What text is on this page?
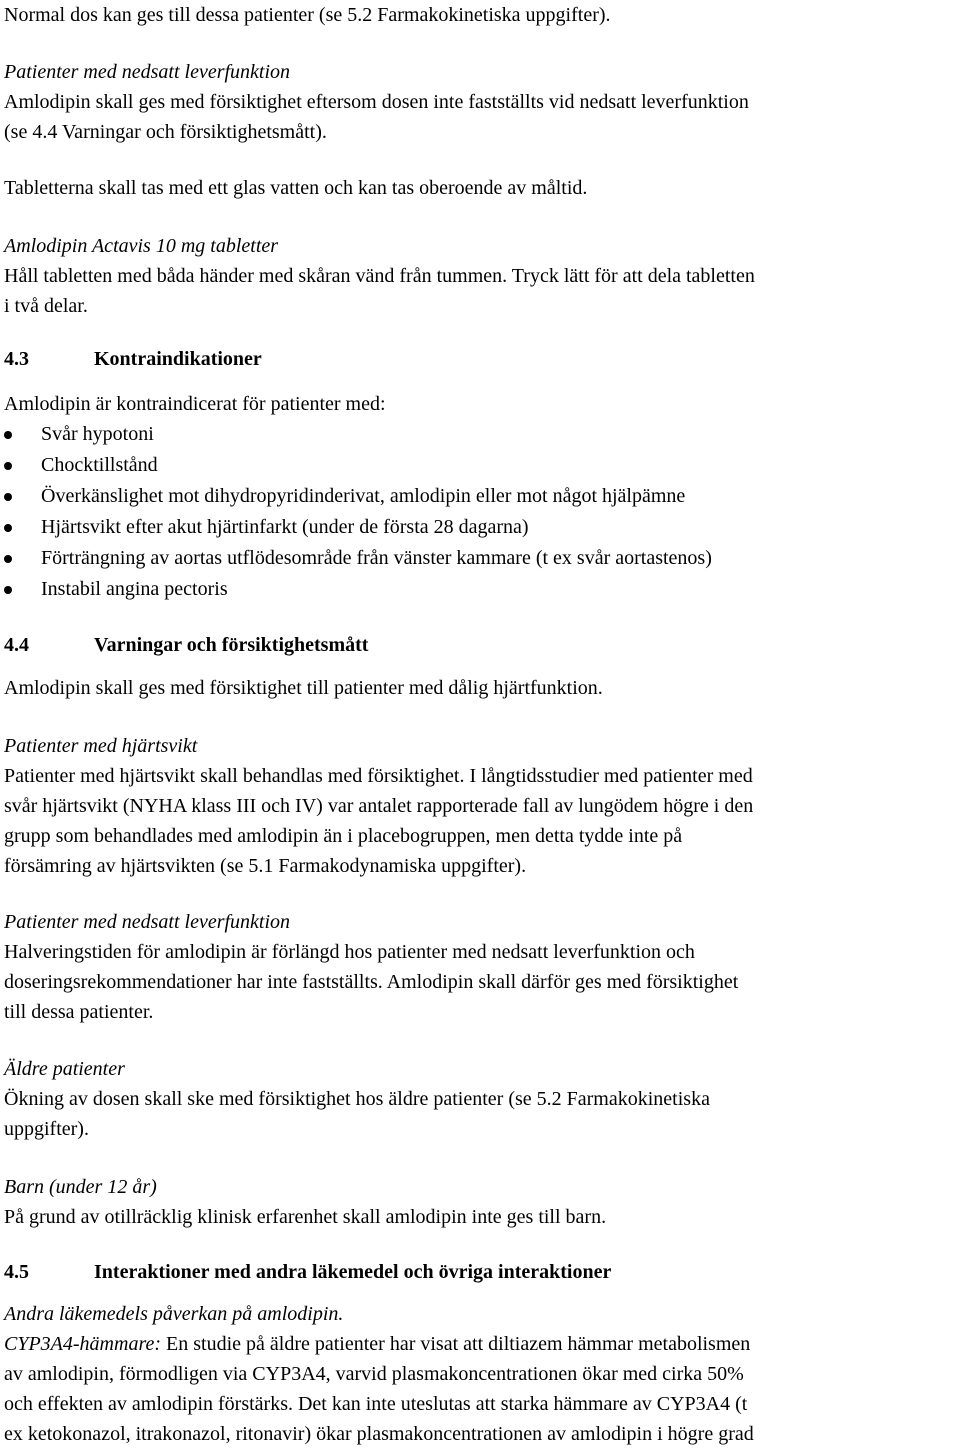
Normal dos kan ges till dessa patienter (se 5.2 Farmakokinetiska uppgifter).
Patienter med nedsatt leverfunktion
Amlodipin skall ges med försiktighet eftersom dosen inte fastställts vid nedsatt leverfunktion
(se 4.4 Varningar och försiktighetsmått).
Tabletterna skall tas med ett glas vatten och kan tas oberoende av måltid.
Amlodipin Actavis 10 mg tabletter
Håll tabletten med båda händer med skåran vänd från tummen. Tryck lätt för att dela tabletten
i två delar.
4.3	Kontraindikationer
Amlodipin är kontraindicerat för patienter med:
Svår hypotoni
Chocktillstånd
Överkänslighet mot dihydropyridinderivat, amlodipin eller mot något hjälpämne
Hjärtsvikt efter akut hjärtinfarkt (under de första 28 dagarna)
Förträngning av aortas utflödesområde från vänster kammare (t ex svår aortastenos)
Instabil angina pectoris
4.4	Varningar och försiktighetsmått
Amlodipin skall ges med försiktighet till patienter med dålig hjärtfunktion.
Patienter med hjärtsvikt
Patienter med hjärtsvikt skall behandlas med försiktighet. I långtidsstudier med patienter med
svår hjärtsvikt (NYHA klass III och IV) var antalet rapporterade fall av lungödem högre i den
grupp som behandlades med amlodipin än i placebogruppen, men detta tydde inte på
försämring av hjärtsvikten (se 5.1 Farmakodynamiska uppgifter).
Patienter med nedsatt leverfunktion
Halveringstiden för amlodipin är förlängd hos patienter med nedsatt leverfunktion och
doseringsrekommendationer har inte fastställts. Amlodipin skall därför ges med försiktighet
till dessa patienter.
Äldre patienter
Ökning av dosen skall ske med försiktighet hos äldre patienter (se 5.2 Farmakokinetiska
uppgifter).
Barn (under 12 år)
På grund av otillräcklig klinisk erfarenhet skall amlodipin inte ges till barn.
4.5	Interaktioner med andra läkemedel och övriga interaktioner
Andra läkemedels påverkan på amlodipin.
CYP3A4-hämmare: En studie på äldre patienter har visat att diltiazem hämmar metabolismen
av amlodipin, förmodligen via CYP3A4, varvid plasmakoncentrationen ökar med cirka 50%
och effekten av amlodipin förstärks. Det kan inte uteslutas att starka hämmare av CYP3A4 (t
ex ketokonazol, itrakonazol, ritonavir) ökar plasmakoncentrationen av amlodipin i högre grad
